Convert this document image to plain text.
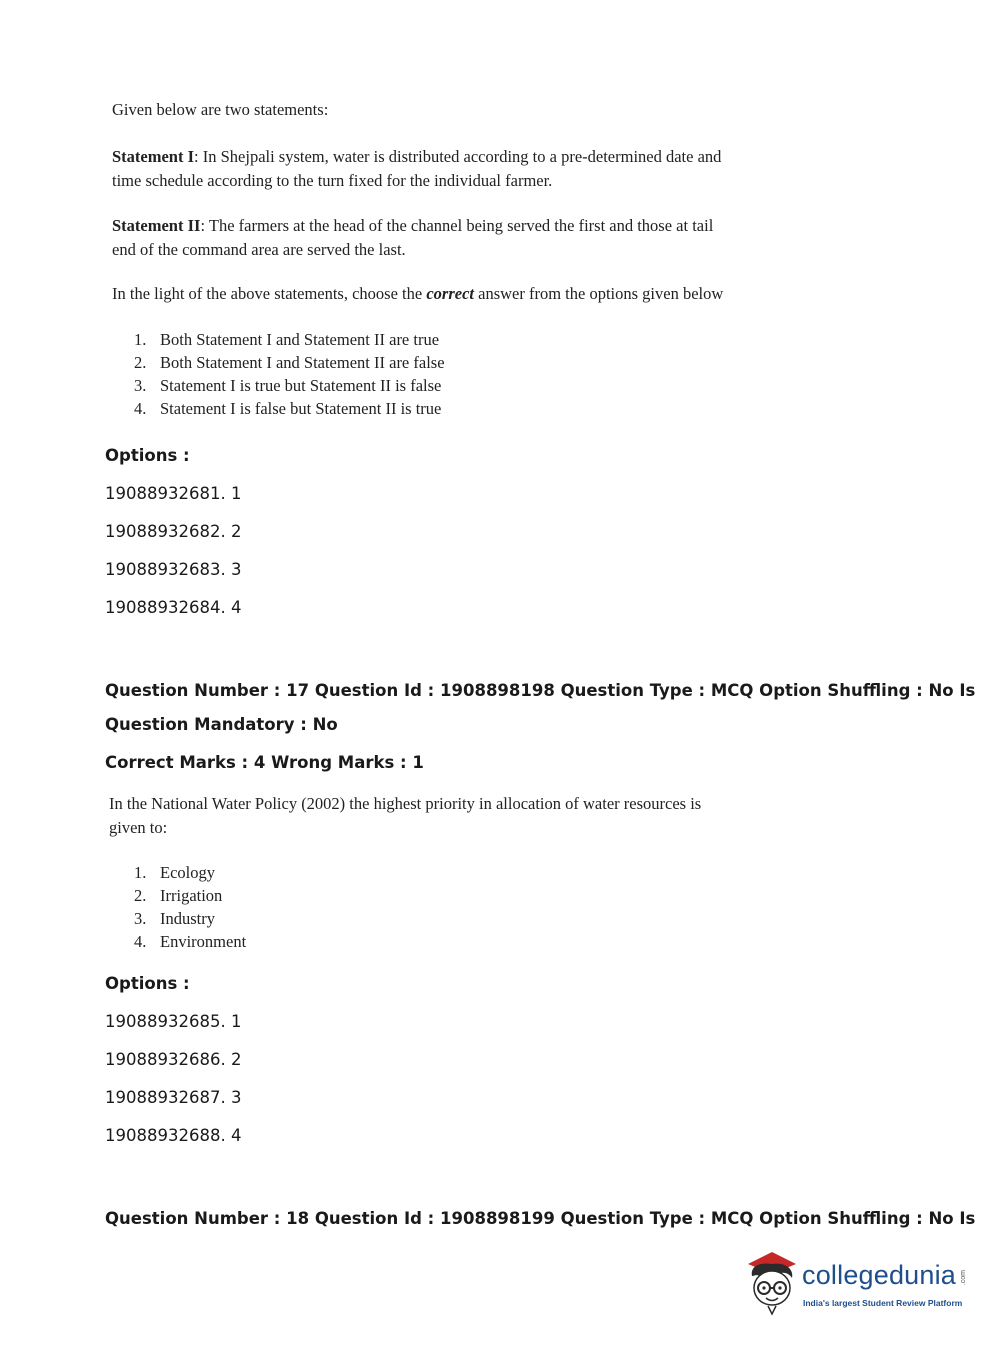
Given below are two statements:
Statement I: In Shejpali system, water is distributed according to a pre-determined date and time schedule according to the turn fixed for the individual farmer.
Statement II: The farmers at the head of the channel being served the first and those at tail end of the command area are served the last.
In the light of the above statements, choose the correct answer from the options given below
1. Both Statement I and Statement II are true
2. Both Statement I and Statement II are false
3. Statement I is true but Statement II is false
4. Statement I is false but Statement II is true
Options :
19088932681. 1
19088932682. 2
19088932683. 3
19088932684. 4
Question Number : 17 Question Id : 1908898198 Question Type : MCQ Option Shuffling : No Is
Question Mandatory : No
Correct Marks : 4 Wrong Marks : 1
In the National Water Policy (2002) the highest priority in allocation of water resources is given to:
1. Ecology
2. Irrigation
3. Industry
4. Environment
Options :
19088932685. 1
19088932686. 2
19088932687. 3
19088932688. 4
Question Number : 18 Question Id : 1908898199 Question Type : MCQ Option Shuffling : No Is
collegedunia .com
India's largest Student Review Platform
